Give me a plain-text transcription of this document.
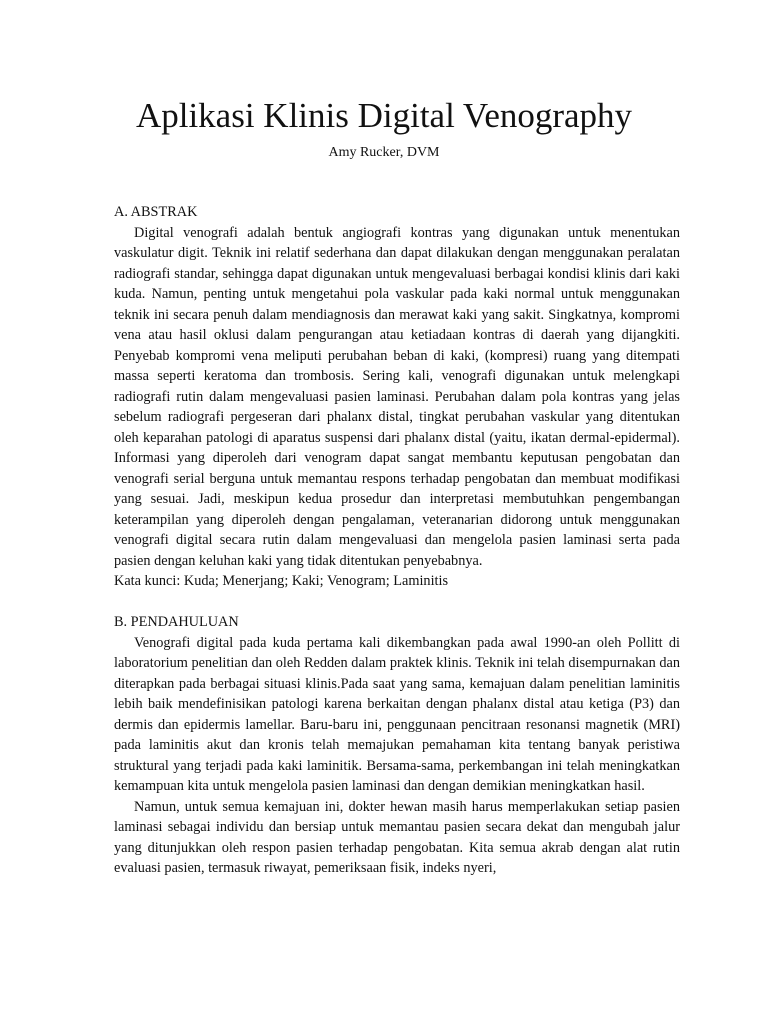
Aplikasi Klinis Digital Venography
Amy Rucker, DVM

A. ABSTRAK

Digital venografi adalah bentuk angiografi kontras yang digunakan untuk menentukan vaskulatur digit. Teknik ini relatif sederhana dan dapat dilakukan dengan menggunakan peralatan radiografi standar, sehingga dapat digunakan untuk mengevaluasi berbagai kondisi klinis dari kaki kuda. Namun, penting untuk mengetahui pola vaskular pada kaki normal untuk menggunakan teknik ini secara penuh dalam mendiagnosis dan merawat kaki yang sakit. Singkatnya, kompromi vena atau hasil oklusi dalam pengurangan atau ketiadaan kontras di daerah yang dijangkiti. Penyebab kompromi vena meliputi perubahan beban di kaki, (kompresi) ruang yang ditempati massa seperti keratoma dan trombosis. Sering kali, venografi digunakan untuk melengkapi radiografi rutin dalam mengevaluasi pasien laminasi. Perubahan dalam pola kontras yang jelas sebelum radiografi pergeseran dari phalanx distal, tingkat perubahan vaskular yang ditentukan oleh keparahan patologi di aparatus suspensi dari phalanx distal (yaitu, ikatan dermal-epidermal). Informasi yang diperoleh dari venogram dapat sangat membantu keputusan pengobatan dan venografi serial berguna untuk memantau respons terhadap pengobatan dan membuat modifikasi yang sesuai. Jadi, meskipun kedua prosedur dan interpretasi membutuhkan pengembangan keterampilan yang diperoleh dengan pengalaman, veteranarian didorong untuk menggunakan venografi digital secara rutin dalam mengevaluasi dan mengelola pasien laminasi serta pada pasien dengan keluhan kaki yang tidak ditentukan penyebabnya.

Kata kunci: Kuda; Menerjang; Kaki; Venogram; Laminitis

B. PENDAHULUAN

Venografi digital pada kuda pertama kali dikembangkan pada awal 1990-an oleh Pollitt di laboratorium penelitian dan oleh Redden dalam praktek klinis. Teknik ini telah disempurnakan dan diterapkan pada berbagai situasi klinis.Pada saat yang sama, kemajuan dalam penelitian laminitis lebih baik mendefinisikan patologi karena berkaitan dengan phalanx distal atau ketiga (P3) dan dermis dan epidermis lamellar. Baru-baru ini, penggunaan pencitraan resonansi magnetik (MRI) pada laminitis akut dan kronis telah memajukan pemahaman kita tentang banyak peristiwa struktural yang terjadi pada kaki laminitik. Bersama-sama, perkembangan ini telah meningkatkan kemampuan kita untuk mengelola pasien laminasi dan dengan demikian meningkatkan hasil.

Namun, untuk semua kemajuan ini, dokter hewan masih harus memperlakukan setiap pasien laminasi sebagai individu dan bersiap untuk memantau pasien secara dekat dan mengubah jalur yang ditunjukkan oleh respon pasien terhadap pengobatan. Kita semua akrab dengan alat rutin evaluasi pasien, termasuk riwayat, pemeriksaan fisik, indeks nyeri,
